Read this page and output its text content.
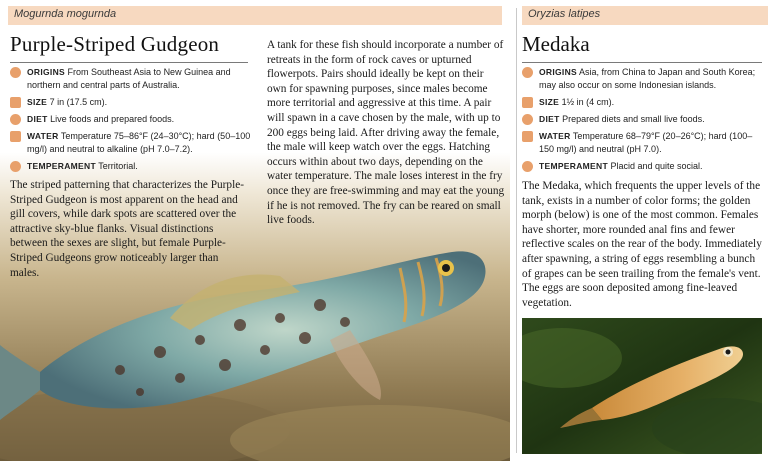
Mogurnda mogurnda
Purple-Striped Gudgeon
ORIGINS From Southeast Asia to New Guinea and northern and central parts of Australia.
SIZE 7 in (17.5 cm).
DIET Live foods and prepared foods.
WATER Temperature 75–86°F (24–30°C); hard (50–100 mg/l) and neutral to alkaline (pH 7.0–7.2).
TEMPERAMENT Territorial.
The striped patterning that characterizes the Purple-Striped Gudgeon is most apparent on the head and gill covers, while dark spots are scattered over the attractive sky-blue flanks. Visual distinctions between the sexes are slight, but female Purple-Striped Gudgeons grow noticeably larger than males.
A tank for these fish should incorporate a number of retreats in the form of rock caves or upturned flowerpots. Pairs should ideally be kept on their own for spawning purposes, since males become more territorial and aggressive at this time. A pair will spawn in a cave chosen by the male, with up to 200 eggs being laid. After driving away the female, the male will keep watch over the eggs. Hatching occurs within about two days, depending on the water temperature. The male loses interest in the fry once they are free-swimming and may eat the young if he is not removed. The fry can be reared on small live foods.
Oryzias latipes
Medaka
ORIGINS Asia, from China to Japan and South Korea; may also occur on some Indonesian islands.
SIZE 1½ in (4 cm).
DIET Prepared diets and small live foods.
WATER Temperature 68–79°F (20–26°C); hard (100–150 mg/l) and neutral (pH 7.0).
TEMPERAMENT Placid and quite social.
The Medaka, which frequents the upper levels of the tank, exists in a number of color forms; the golden morph (below) is one of the most common. Females have shorter, more rounded anal fins and fewer reflective scales on the rear of the body. Immediately after spawning, a string of eggs resembling a bunch of grapes can be seen trailing from the female's vent. The eggs are soon deposited among fine-leaved vegetation.
